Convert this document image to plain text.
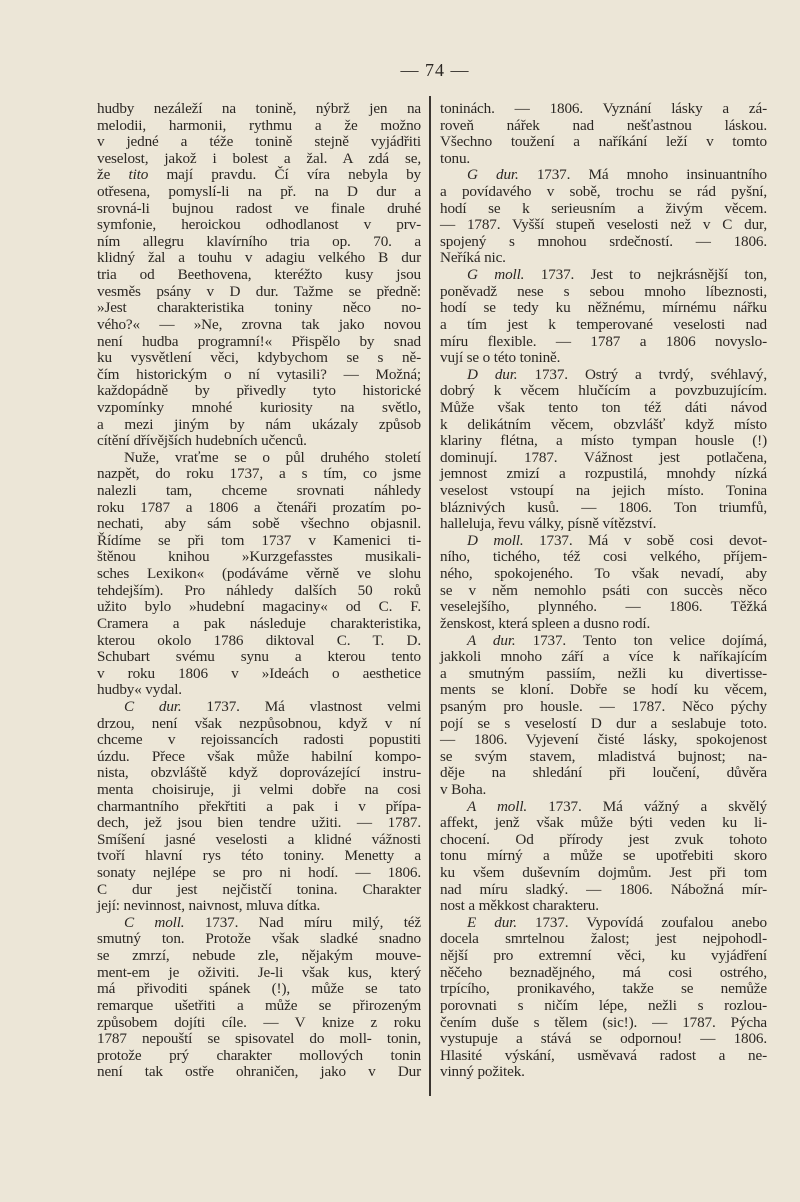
— 74 —
hudby nezáleží na tonině, nýbrž jen na
melodii, harmonii, rythmu a že možno
v jedné a téže tonině stejně vyjádřiti
veselost, jakož i bolest a žal. A zdá se,
že tito mají pravdu. Čí víra nebyla by
otřesena, pomyslí-li na př. na D dur a
srovná-li bujnou radost ve finale druhé
symfonie, heroickou odhodlanost v prv-
ním allegru klavírního tria op. 70. a
klidný žal a touhu v adagiu velkého B dur
tria od Beethovena, kteréžto kusy jsou
vesměs psány v D dur. Tažme se předně:
»Jest charakteristika toniny něco no-
vého?« — »Ne, zrovna tak jako novou
není hudba programní!« Přispělo by snad
ku vysvětlení věci, kdybychom se s ně-
čím historickým o ní vytasili? — Možná;
každopádně by přivedly tyto historické
vzpomínky mnohé kuriosity na světlo,
a mezi jiným by nám ukázaly způsob
cítění dřívějších hudebních učenců.
Nuže, vraťme se o půl druhého století
nazpět, do roku 1737, a s tím, co jsme
nalezli tam, chceme srovnati náhledy
roku 1787 a 1806 a čtenáři prozatím po-
nechati, aby sám sobě všechno objasnil.
Řídíme se při tom 1737 v Kamenici ti-
štěnou knihou »Kurzgefasstes musikali-
sches Lexikon« (podáváme věrně ve slohu
tehdejším). Pro náhledy dalších 50 roků
užito bylo »hudební magaciny« od C. F.
Cramera a pak následuje charakteristika,
kterou okolo 1786 diktoval C. T. D.
Schubart svému synu a kterou tento
v roku 1806 v »Ideách o aesthetice
hudby« vydal.
C dur. 1737. Má vlastnost velmi
drzou, není však nezpůsobnou, když v ní
chceme v rejoissancích radosti popustiti
úzdu. Přece však může habilní kompo-
nista, obzvláště když doprovázející instru-
menta choisiruje, ji velmi dobře na cosi
charmantního překřtiti a pak i v přípa-
dech, jež jsou bien tendre užiti. — 1787.
Smíšení jasné veselosti a klidné vážnosti
tvoří hlavní rys této toniny. Menetty a
sonaty nejlépe se pro ni hodí. — 1806.
C dur jest nejčistčí tonina. Charakter
její: nevinnost, naivnost, mluva dítka.
C moll. 1737. Nad míru milý, též
smutný ton. Protože však sladké snadno
se zmrzí, nebude zle, nějakým mouve-
ment-em je oživiti. Je-li však kus, který
má přivoditi spánek (!), může se tato
remarque ušetřiti a může se přirozeným
způsobem dojíti cíle. — V knize z roku
1787 nepouští se spisovatel do moll- tonin,
protože prý charakter mollových tonin
není tak ostře ohraničen, jako v Dur
toninách. — 1806. Vyznání lásky a zá-
roveň nářek nad nešťastnou láskou.
Všechno toužení a naříkání leží v tomto
tonu.
G dur. 1737. Má mnoho insinuantního
a povídavého v sobě, trochu se rád pyšní,
hodí se k serieusním a živým věcem.
— 1787. Vyšší stupeň veselosti než v C dur,
spojený s mnohou srdečností. — 1806.
Neříká nic.
G moll. 1737. Jest to nejkrásnější ton,
poněvadž nese s sebou mnoho líbeznosti,
hodí se tedy ku něžnému, mírnému nářku
a tím jest k temperované veselosti nad
míru flexible. — 1787 a 1806 novyslo-
vují se o této tonině.
D dur. 1737. Ostrý a tvrdý, svéhlavý,
dobrý k věcem hlučícím a povzbuzujícím.
Může však tento ton též dáti návod
k delikátním věcem, obzvlášť když místo
klariny flétna, a místo tympan housle (!)
dominují. 1787. Vážnost jest potlačena,
jemnost zmizí a rozpustilá, mnohdy nízká
veselost vstoupí na jejich místo. Tonina
bláznivých kusů. — 1806. Ton triumfů,
halleluja, řevu války, písně vítězství.
D moll. 1737. Má v sobě cosi devot-
ního, tichého, též cosi velkého, příjem-
ného, spokojeného. To však nevadí, aby
se v něm nemohlo psáti con succès něco
veselejšího, plynného. — 1806. Těžká
ženskost, která spleen a dusno rodí.
A dur. 1737. Tento ton velice dojímá,
jakkoli mnoho září a více k naříkajícím
a smutným passiím, nežli ku divertisse-
ments se kloní. Dobře se hodí ku věcem,
psaným pro housle. — 1787. Něco pýchy
pojí se s veselostí D dur a seslabuje toto.
— 1806. Vyjevení čisté lásky, spokojenost
se svým stavem, mladistvá bujnost; na-
děje na shledání při loučení, důvěra
v Boha.
A moll. 1737. Má vážný a skvělý
affekt, jenž však může býti veden ku li-
chocení. Od přírody jest zvuk tohoto
tonu mírný a může se upotřebiti skoro
ku všem duševním dojmům. Jest při tom
nad míru sladký. — 1806. Nábožná mír-
nost a měkkost charakteru.
E dur. 1737. Vypovídá zoufalou anebo
docela smrtelnou žalost; jest nejpohodl-
nější pro extremní věci, ku vyjádření
něčeho beznadějného, má cosi ostrého,
trpícího, pronikavého, takže se nemůže
porovnati s ničím lépe, nežli s rozlou-
čením duše s tělem (sic!). — 1787. Pýcha
vystupuje a stává se odpornou! — 1806.
Hlasité výskání, usměvavá radost a ne-
vinný požitek.
